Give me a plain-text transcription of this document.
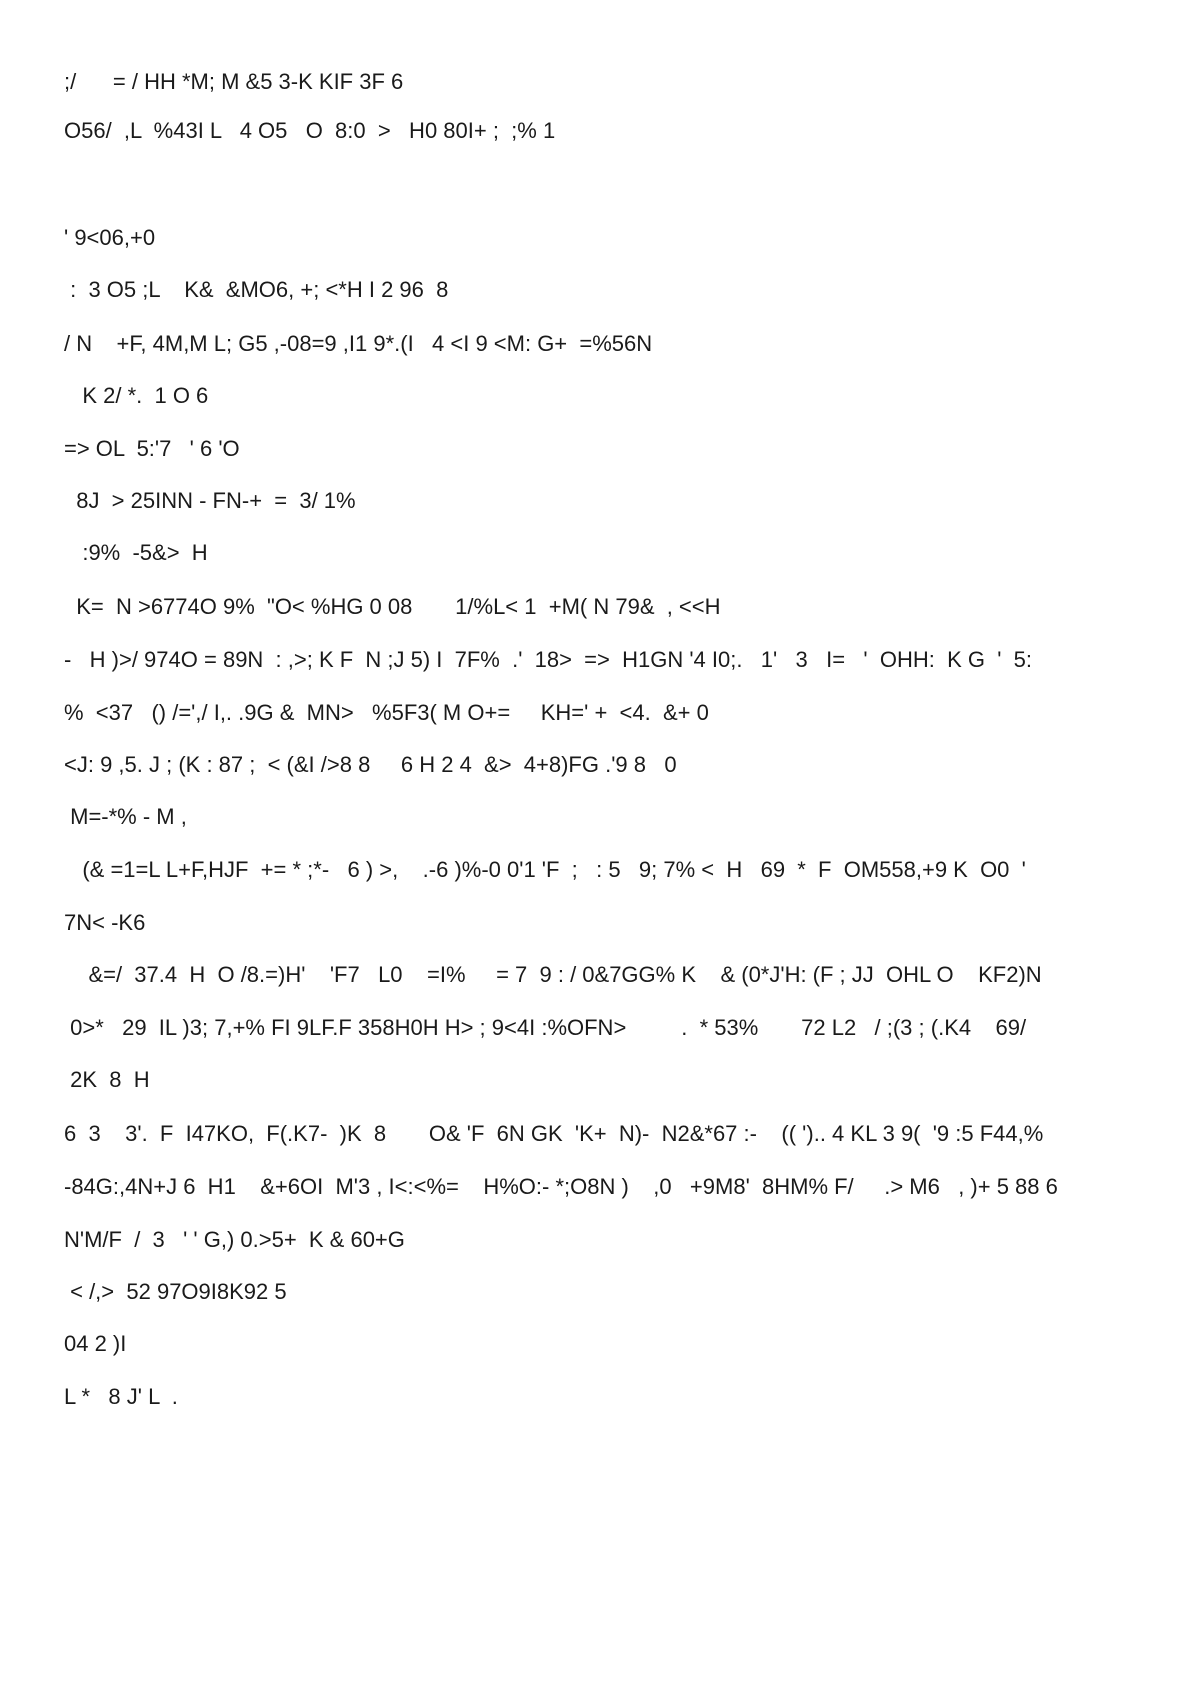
;/      = / HH *M; M &5 3-K KIF 3F 6

O56/  ,L  %43I L   4 O5   O  8:0  >   H0 80I+ ;  ;% 1

' 9<06,+0

:  3 O5 ;L    K&  &MO6, +; <*H I 2 96  8

/ N    +F, 4M,M L; G5 ,-08=9 ,I1 9*.(I   4 <I 9 <M: G+  =%56N

K 2/ *.  1 O 6

=> OL  5:'7   ' 6 'O

8J  > 25INN - FN-+  =  3/ 1%

:9%  -5&>  H

K=  N >6774O 9%  "O< %HG 0 08       1/%L< 1  +M( N 79&  , <<H

-   H )>/ 974O = 89N  : ,>; K F  N ;J 5) I  7F%  .'  18>  =>  H1GN '4 I0;.   1'   3   I=   '  OHH:  K G  '  5:

%  <37   () /=',/ I,. .9G &  MN>   %5F3( M O+=     KH=' +  <4.  &+ 0

<J: 9 ,5. J ; (K : 87 ;  < (&I />8 8     6 H 2 4  &>  4+8)FG .'9 8   0

M=-*% - M ,

(& =1=L L+F,HJF  += * ;*-   6 ) >,    .-6 )%-0 0'1 'F  ;   : 5   9; 7% <  H   69  *  F  OM558,+9 K  O0  '

7N< -K6

&=/  37.4  H  O /8.=)H'    'F7   L0    =I%     = 7  9 : / 0&7GG% K    & (0*J'H: (F ; JJ  OHL O    KF2)N

0>*   29  IL )3; 7,+% FI 9LF.F 358H0H H> ; 9<4I :%OFN>         .  * 53%       72 L2   / ;(3 ; (.K4    69/

2K  8  H

6  3    3'.  F  I47KO,  F(.K7-  )K  8       O& 'F  6N GK  'K+  N)-  N2&*67 :-    (( ').. 4 KL 3 9(  '9 :5 F44,%

-84G:,4N+J 6  H1    &+6OI  M'3 , I<:<%=    H%O:- *;O8N )    ,0   +9M8'  8HM% F/     .> M6   , )+ 5 88 6

N'M/F  /  3   ' ' G,) 0.>5+  K & 60+G

< /,>  52 97O9I8K92 5

04 2 )I

L *   8 J' L  .
